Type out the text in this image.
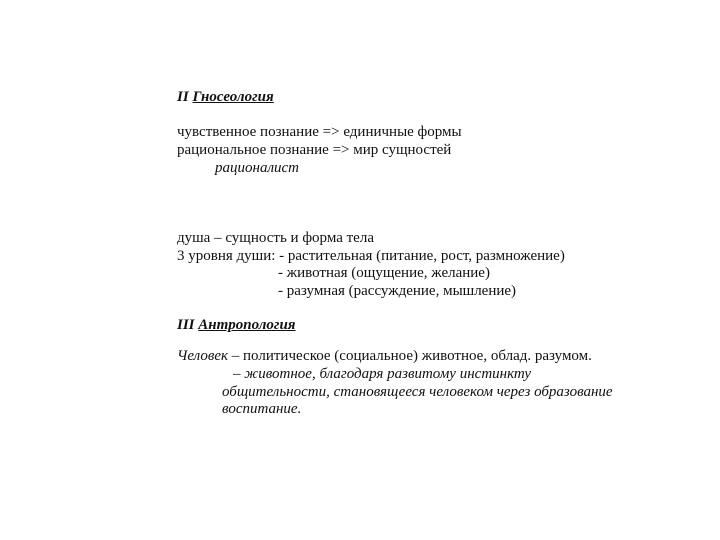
II Гносеология
чувственное познание => единичные формы
рациональное познание => мир сущностей
рационалист
душа – сущность и форма тела
3 уровня души: - растительная (питание, рост, размножение)
- животная (ощущение, желание)
- разумная (рассуждение, мышление)
III Антропология
Человек – политическое (социальное) животное, облад. разумом.
– животное, благодаря развитому инстинкту
общительности, становящееся человеком через образование
воспитание.
